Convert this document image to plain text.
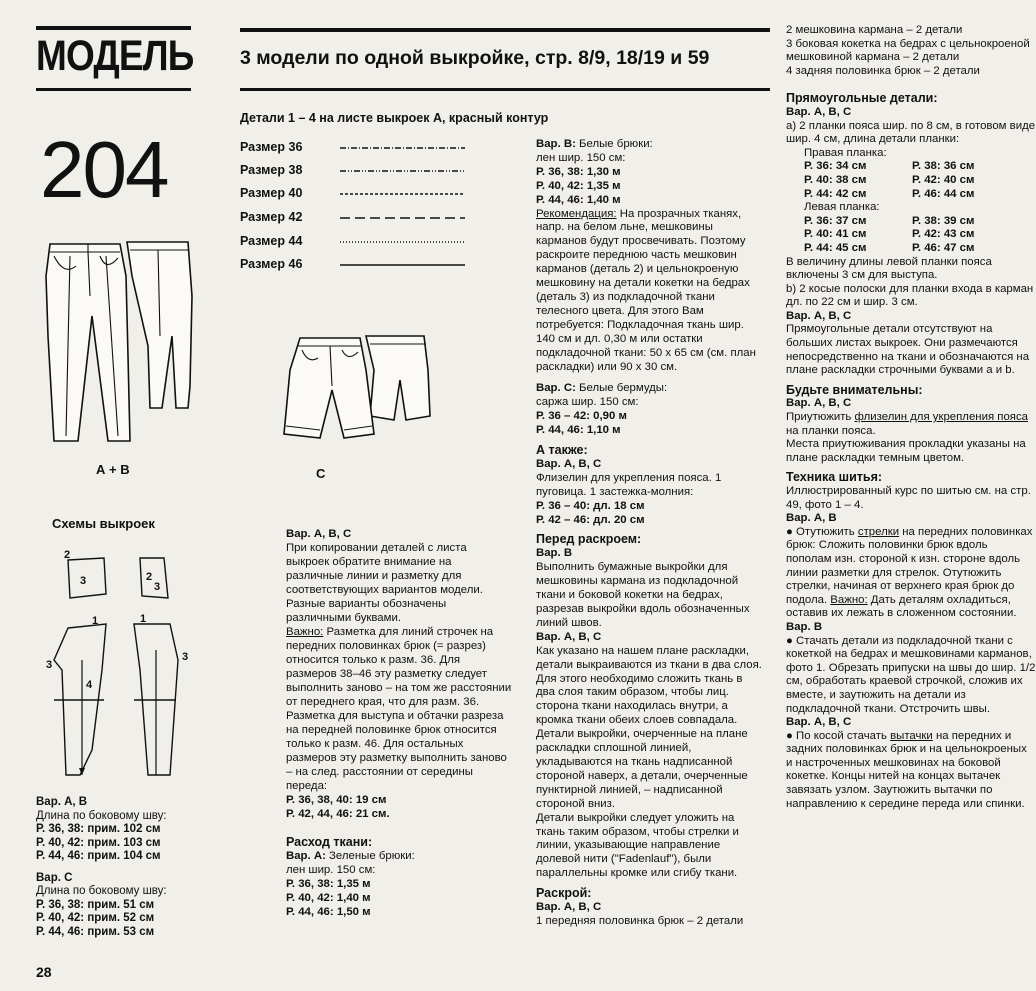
МОДЕЛЬ
204
3 модели по одной выкройке, стр. 8/9, 18/19 и 59
Детали 1 – 4 на листе выкроек А, красный контур
Размер 36
Размер 38
Размер 40
Размер 42
Размер 44
Размер 46
А + В	С
Схемы выкроек
2
3	2
3
1
4
3
1
3

Вар. А, В

Длина по боковому шву:

Р. 36, 38: прим. 102 см

Р. 40, 42: прим. 103 см

Р. 44, 46: прим. 104 см

Вар. С

Длина по боковому шву:

Р. 36, 38: прим. 51 см

Р. 40, 42: прим. 52 см

Р. 44, 46: прим. 53 см

Вар. А, В, С

При копировании деталей с листа выкроек обратите внимание на различные линии и разметку для соответствующих вариантов модели. Разные варианты обозначены различными буквами.

Важно: Разметка для линий строчек на передних половинках брюк (= разрез) относится только к разм. 36. Для размеров 38–46 эту разметку следует выполнить заново – на том же расстоянии от переднего края, что для разм. 36. Разметка для выступа и обтачки разреза на передней половинке брюк относится только к разм. 46. Для остальных размеров эту разметку выполнить заново – на след. расстоянии от середины переда:

Р. 36, 38, 40: 19 см

Р. 42, 44, 46: 21 см.

Расход ткани:

Вар. А: Зеленые брюки:

лен шир. 150 см:

Р. 36, 38: 1,35 м

Р. 40, 42: 1,40 м

Р. 44, 46: 1,50 м

Вар. В: Белые брюки:

лен шир. 150 см:

Р. 36, 38: 1,30 м

Р. 40, 42: 1,35 м

Р. 44, 46: 1,40 м

Рекомендация: На прозрачных тканях, напр. на белом льне, мешковины карманов будут просвечивать. Поэтому раскроите переднюю часть мешковин карманов (деталь 2) и цельнокроеную мешковину на детали кокетки на бедрах (деталь 3) из подкладочной ткани телесного цвета. Для этого Вам потребуется: Подкладочная ткань шир. 140 см и дл. 0,30 м или остатки подкладочной ткани: 50 х 65 см (см. план раскладки) или 90 х 30 см.

Вар. С: Белые бермуды:

саржа шир. 150 см:

Р. 36 – 42: 0,90 м

Р. 44, 46: 1,10 м

А также:

Вар. А, В, С

Флизелин для укрепления пояса. 1 пуговица. 1 застежка-молния:

Р. 36 – 40: дл. 18 см

Р. 42 – 46: дл. 20 см

Перед раскроем:

Вар. В

Выполнить бумажные выкройки для мешковины кармана из подкладочной ткани и боковой кокетки на бедрах, разрезав выкройки вдоль обозначенных линий швов.

Вар. А, В, С

Как указано на нашем плане раскладки, детали выкраиваются из ткани в два слоя. Для этого необходимо сложить ткань в два слоя таким образом, чтобы лиц. сторона ткани находилась внутри, а кромка ткани обеих слоев совпадала. Детали выкройки, очерченные на плане раскладки сплошной линией, укладываются на ткань надписанной стороной наверх, а детали, очерченные пунктирной линией, – надписанной стороной вниз.

Детали выкройки следует уложить на ткань таким образом, чтобы стрелки и линии, указывающие направление долевой нити ("Fadenlauf"), были параллельны кромке или сгибу ткани.

Раскрой:

Вар. А, В, С

1 передняя половинка брюк – 2 детали

2 мешковина кармана – 2 детали

3 боковая кокетка на бедрах с цельнокроеной мешковиной кармана – 2 детали

4 задняя половинка брюк – 2 детали

Прямоугольные детали:

Вар. А, В, С

а) 2 планки пояса шир. по 8 см, в готовом виде шир. 4 см, длина детали планки:

Правая планка:

Р. 36: 34 см	Р. 38: 36 см
Р. 40: 38 см	Р. 42: 40 см
Р. 44: 42 см	Р. 46: 44 см

Левая планка:

Р. 36: 37 см	Р. 38: 39 см
Р. 40: 41 см	Р. 42: 43 см
Р. 44: 45 см	Р. 46: 47 см

В величину длины левой планки пояса включены 3 см для выступа.

b) 2 косые полоски для планки входа в карман дл. по 22 см и шир. 3 см.

Вар. А, В, С

Прямоугольные детали отсутствуют на больших листах выкроек. Они размечаются непосредственно на ткани и обозначаются на плане раскладки строчными буквами а и b.

Будьте внимательны:

Вар. А, В, С

Приутюжить флизелин для укрепления пояса на планки пояса.

Места приутюживания прокладки указаны на плане раскладки темным цветом.

Техника шитья:

Иллюстрированный курс по шитью см. на стр. 49, фото 1 – 4.

Вар. А, В

● Отутюжить стрелки на передних половинках брюк: Сложить половинки брюк вдоль пополам изн. стороной к изн. стороне вдоль линии разметки для стрелок. Отутюжить стрелки, начиная от верхнего края брюк до подола. Важно: Дать деталям охладиться, оставив их лежать в сложенном состоянии.

Вар. В

● Стачать детали из подкладочной ткани с кокеткой на бедрах и мешковинами карманов, фото 1. Обрезать припуски на швы до шир. 1/2 см, обработать краевой строчкой, сложив их вместе, и заутюжить на детали из подкладочной ткани. Отстрочить швы.

Вар. А, В, С

● По косой стачать вытачки на передних и задних половинках брюк и на цельнокроеных и настроченных мешковинах на боковой кокетке. Концы нитей на концах вытачек завязать узлом. Заутюжить вытачки по направлению к середине переда или спинки.

28
